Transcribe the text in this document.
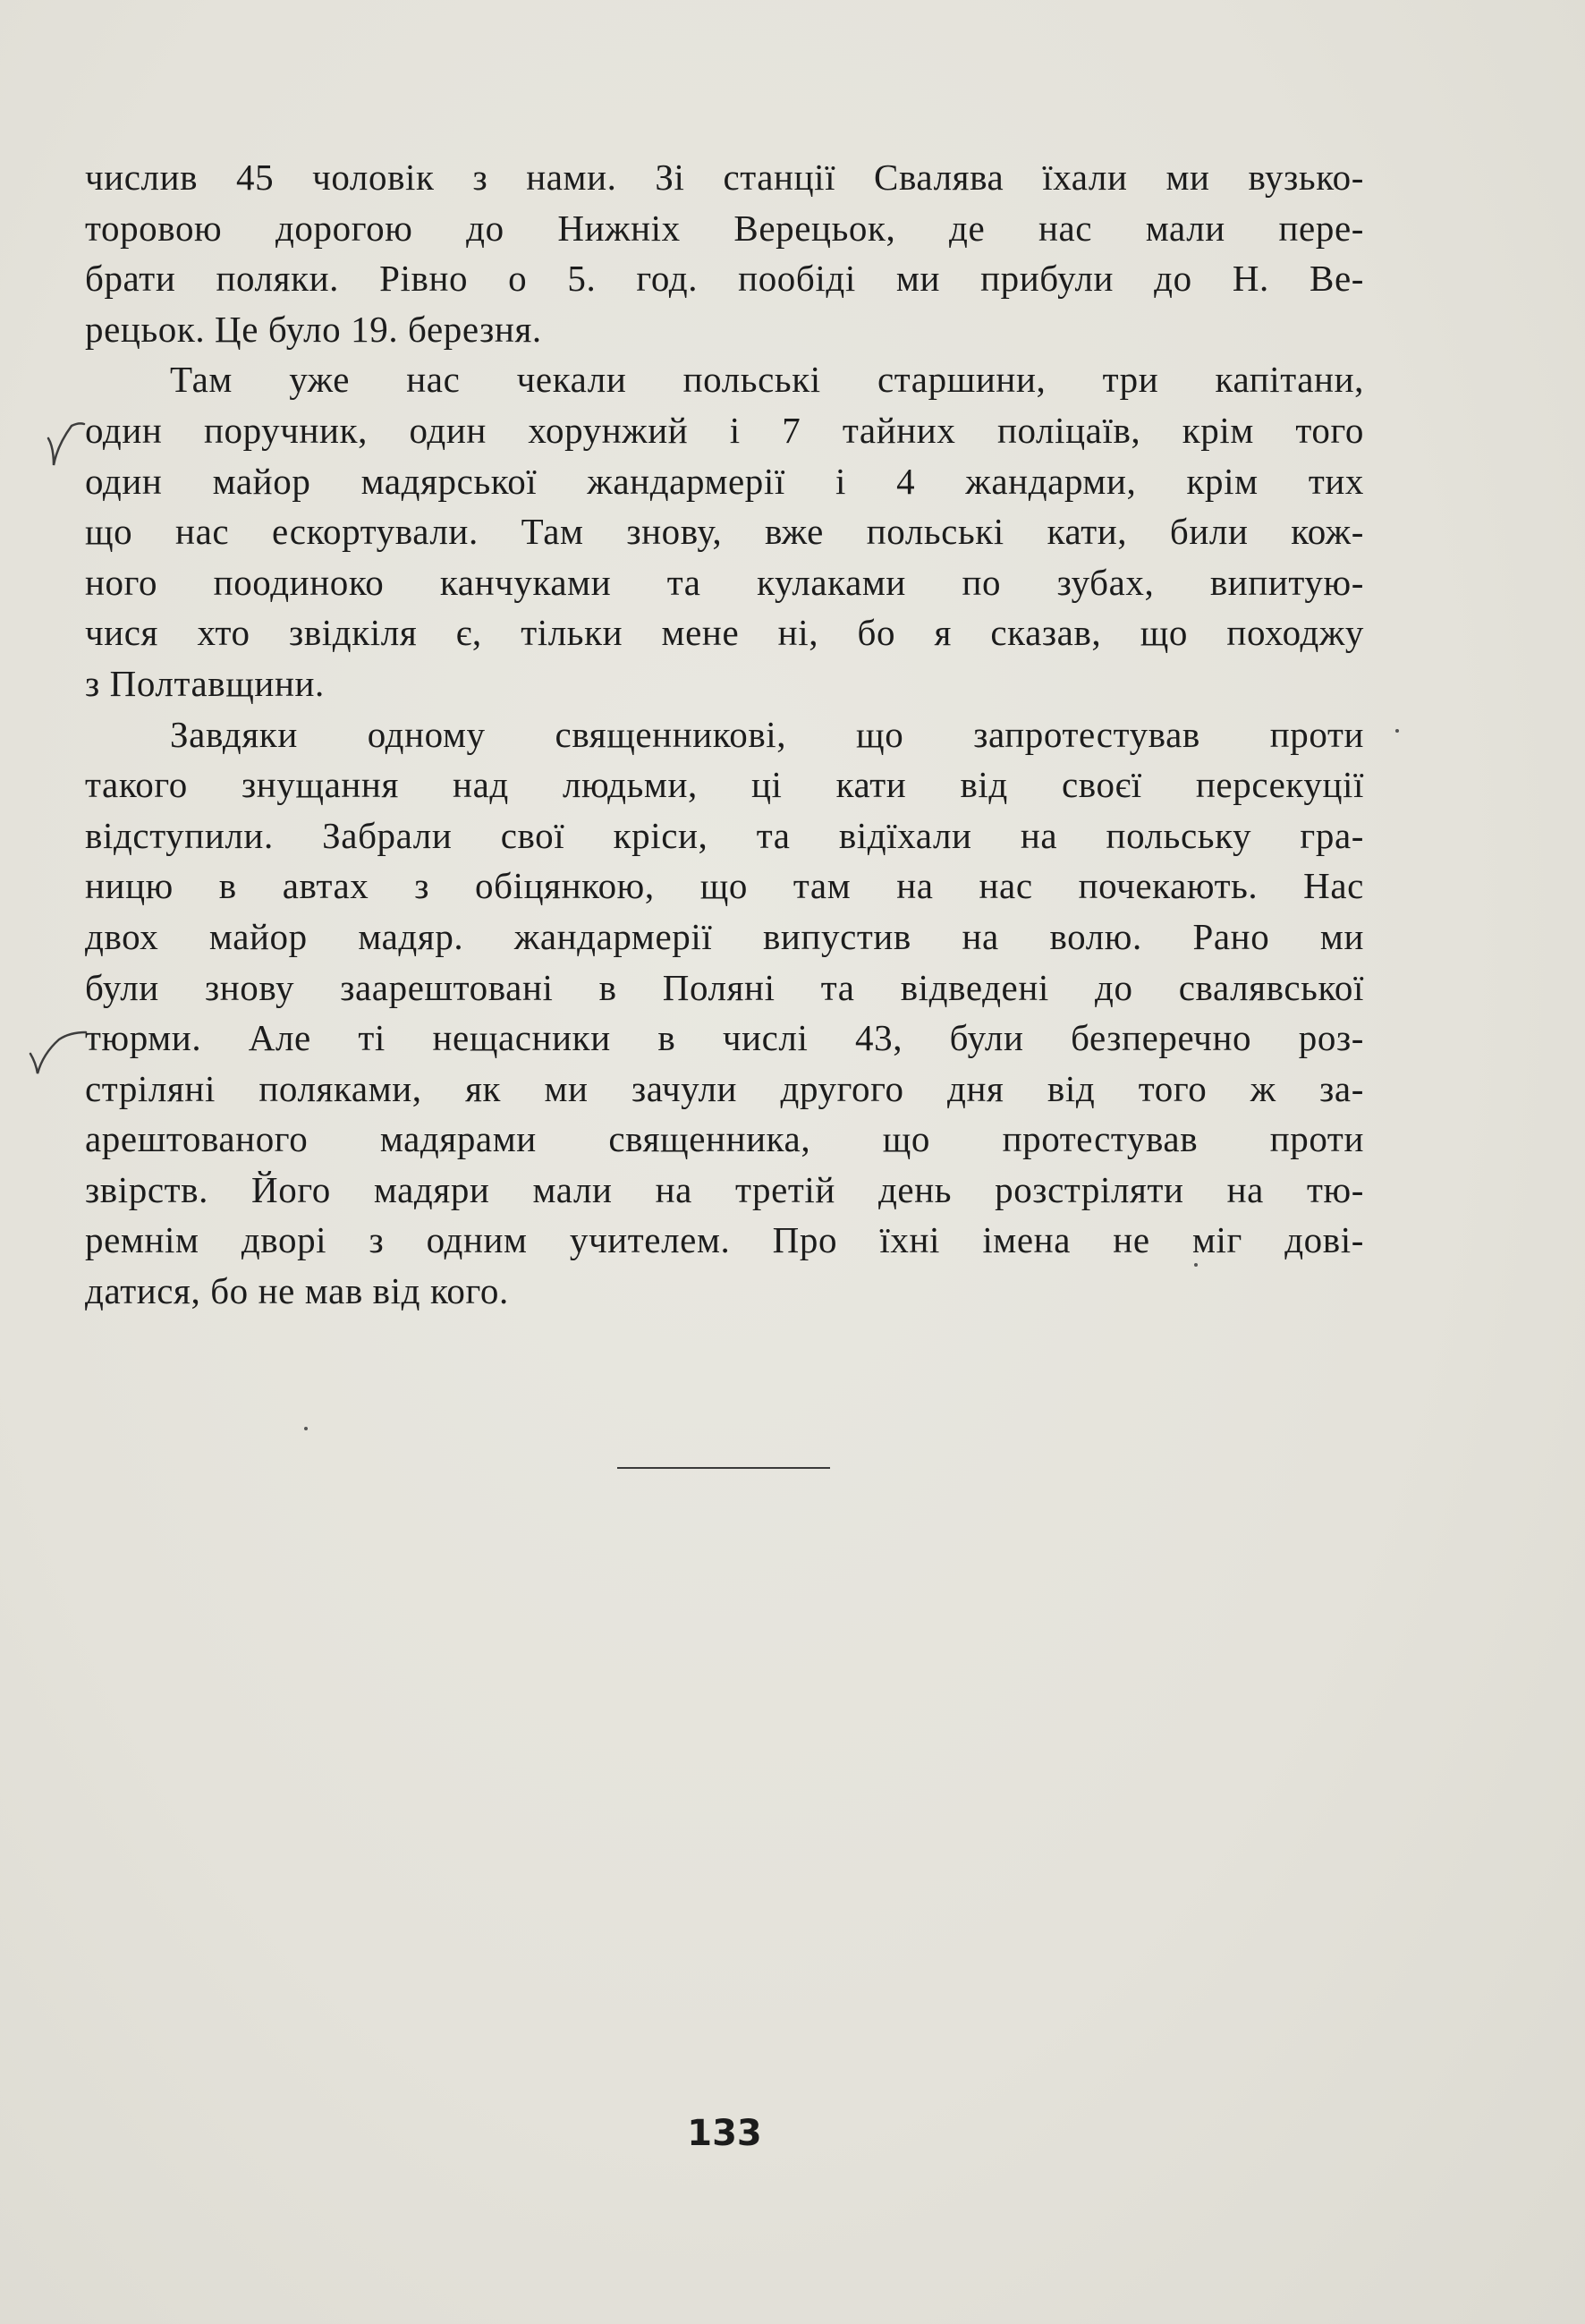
числив 45 чоловік з нами. Зі станції Свалява їхали ми вузько-
торовою дорогою до Нижніх Верецьок, де нас мали пере-
брати поляки. Рівно о 5. год. пообіді ми прибули до Н. Ве-
рецьок. Це було 19. березня.
Там уже нас чекали польські старшини, три капітани,
один поручник, один хорунжий і 7 тайних поліцаїв, крім того
один майор мадярської жандармерії і 4 жандарми, крім тих
що нас ескортували. Там знову, вже польські кати, били кож-
ного поодиноко канчуками та кулаками по зубах, випитую-
чися хто звідкіля є, тільки мене ні, бо я сказав, що походжу
з Полтавщини.
Завдяки одному священникові, що запротестував проти
такого знущання над людьми, ці кати від своєї персекуції
відступили. Забрали свої кріси, та відїхали на польську гра-
ницю в автах з обіцянкою, що там на нас почекають. Нас
двох майор мадяр. жандармерії випустив на волю. Рано ми
були знову заарештовані в Поляні та відведені до свалявської
тюрми. Але ті нещасники в числі 43, були безперечно роз-
стріляні поляками, як ми зачули другого дня від того ж за-
арештованого мадярами священника, що протестував проти
звірств. Його мадяри мали на третій день розстріляти на тю-
ремнім дворі з одним учителем. Про їхні імена не міг дові-
датися, бо не мав від кого.
133
